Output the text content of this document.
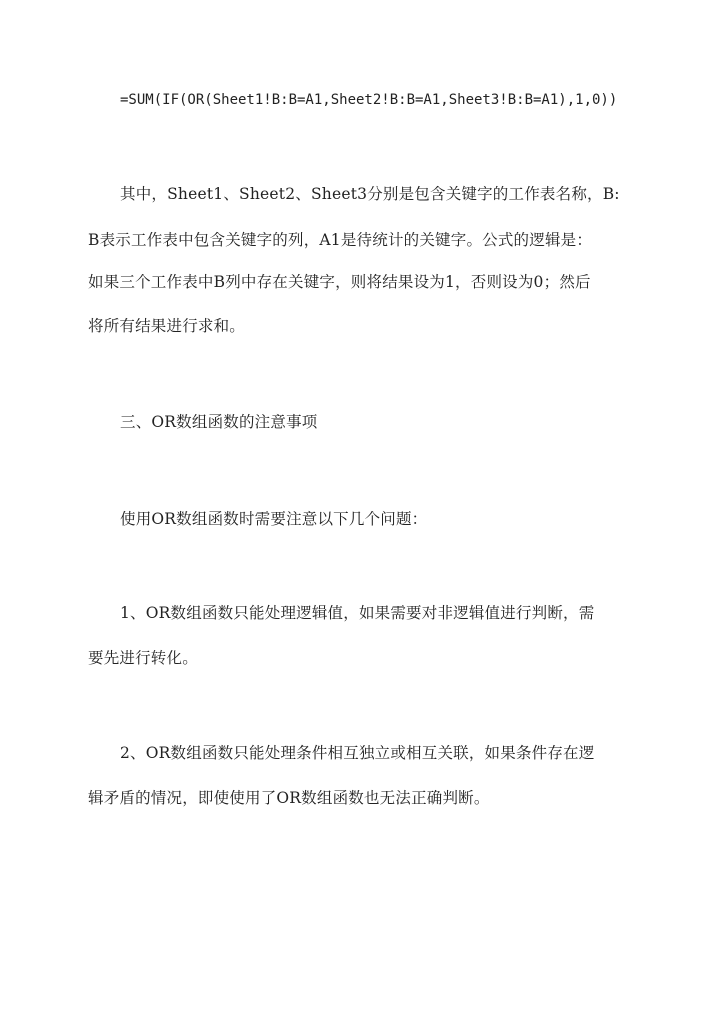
=SUM(IF(OR(Sheet1!B:B=A1,Sheet2!B:B=A1,Sheet3!B:B=A1),1,0))
其中，Sheet1、Sheet2、Sheet3分别是包含关键字的工作表名称，B:
B表示工作表中包含关键字的列，A1是待统计的关键字。公式的逻辑是：
如果三个工作表中B列中存在关键字，则将结果设为1，否则设为0；然后
将所有结果进行求和。
三、OR数组函数的注意事项
使用OR数组函数时需要注意以下几个问题：
1、OR数组函数只能处理逻辑值，如果需要对非逻辑值进行判断，需
要先进行转化。
2、OR数组函数只能处理条件相互独立或相互关联，如果条件存在逻
辑矛盾的情况，即使使用了OR数组函数也无法正确判断。
